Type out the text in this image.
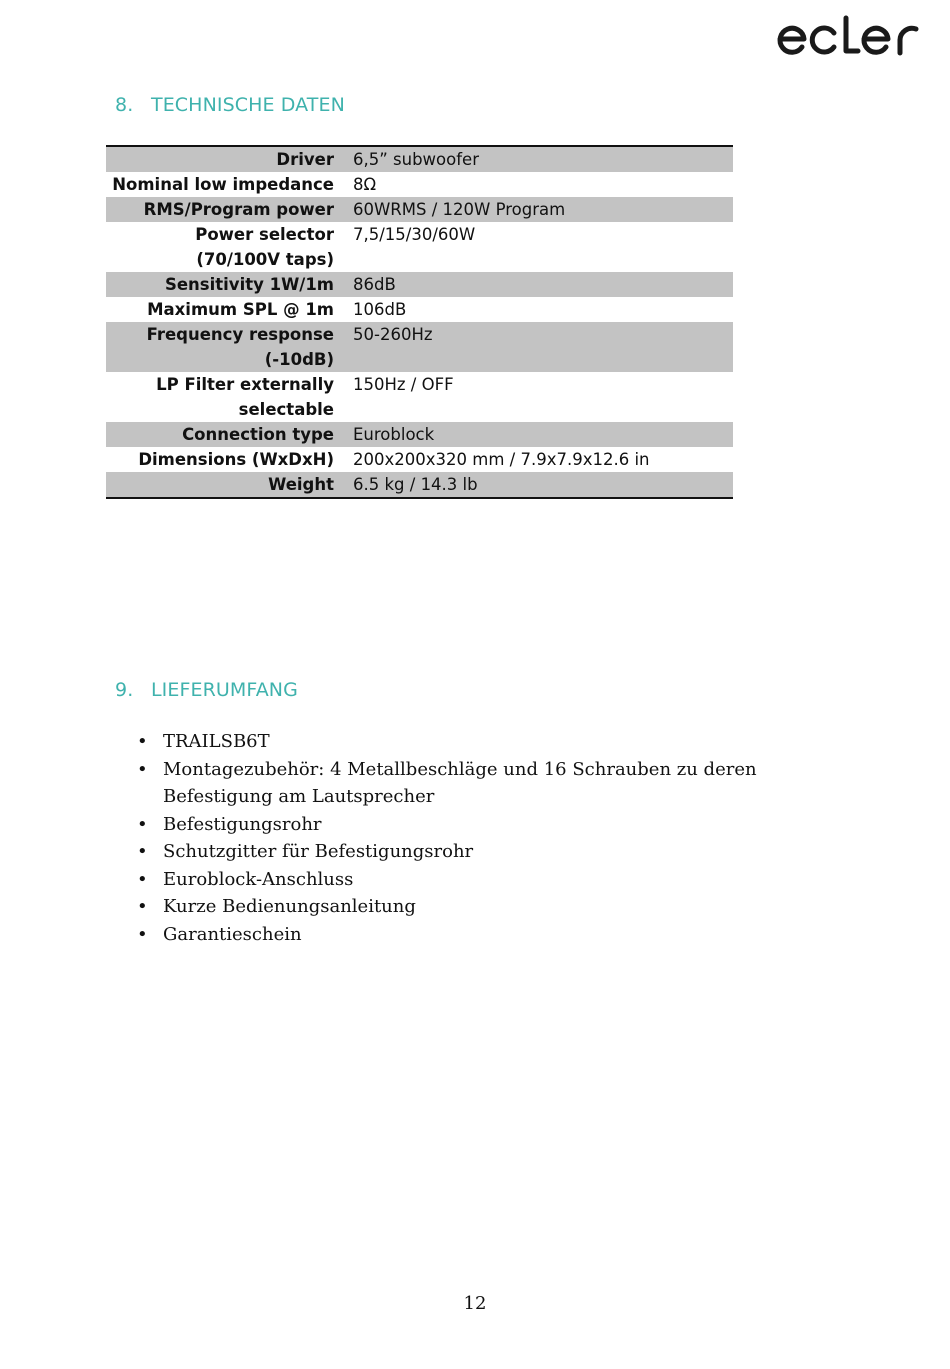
8. TECHNISCHE DATEN
Driver	6,5” subwoofer
Nominal low impedance	8Ω
RMS/Program power	60WRMS / 120W Program
Power selector (70/100V taps)	7,5/15/30/60W
Sensitivity 1W/1m	86dB
Maximum SPL @ 1m	106dB
Frequency response (-10dB)	50-260Hz
LP Filter externally selectable	150Hz / OFF
Connection type	Euroblock
Dimensions (WxDxH)	200x200x320 mm / 7.9x7.9x12.6 in
Weight	6.5 kg / 14.3 lb
9. LIEFERUMFANG
• TRAILSB6T
• Montagezubehör: 4 Metallbeschläge und 16 Schrauben zu deren Befestigung am Lautsprecher
• Befestigungsrohr
• Schutzgitter für Befestigungsrohr
• Euroblock-Anschluss
• Kurze Bedienungsanleitung
• Garantieschein
12
